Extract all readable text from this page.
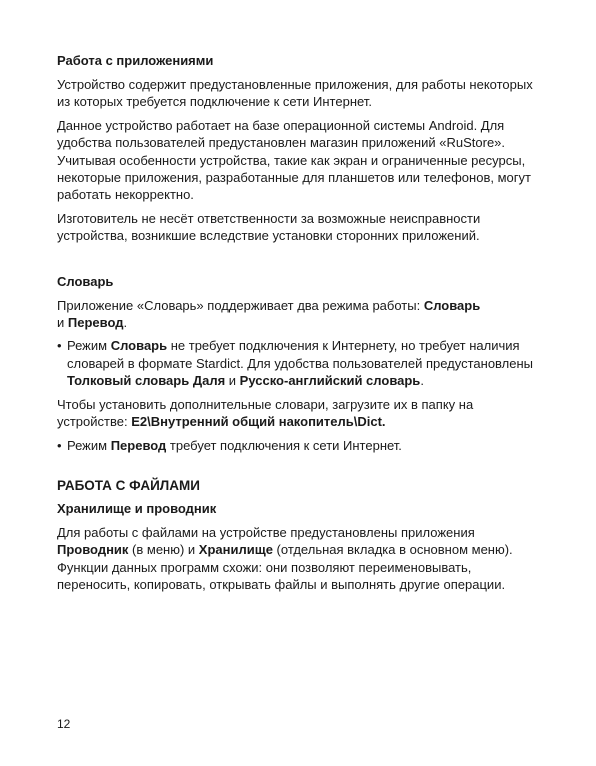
Работа с приложениями

Устройство содержит предустановленные приложения, для работы некоторых из которых требуется подключение к сети Интернет.

Данное устройство работает на базе операционной системы Android. Для удобства пользователей предустановлен магазин приложений «RuStore». Учитывая особенности устройства, такие как экран и ограниченные ресурсы, некоторые приложения, разработанные для планшетов или телефонов, могут работать некорректно.

Изготовитель не несёт ответственности за возможные неисправности устройства, возникшие вследствие установки сторонних приложений.

Словарь

Приложение «Словарь» поддерживает два режима работы: Словарь
и Перевод.

• Режим Словарь не требует подключения к Интернету, но требует наличия словарей в формате Stardict. Для удобства пользователей предустановлены Толковый словарь Даля и Русско-английский словарь.

Чтобы установить дополнительные словари, загрузите их в папку на устройстве: E2\Внутренний общий накопитель\Dict.

• Режим Перевод требует подключения к сети Интернет.
РАБОТА С ФАЙЛАМИ
Хранилище и проводник

Для работы с файлами на устройстве предустановлены приложения Проводник (в меню) и Хранилище (отдельная вкладка в основном меню). Функции данных программ схожи: они позволяют переименовывать, переносить, копировать, открывать файлы и выполнять другие операции.

12
